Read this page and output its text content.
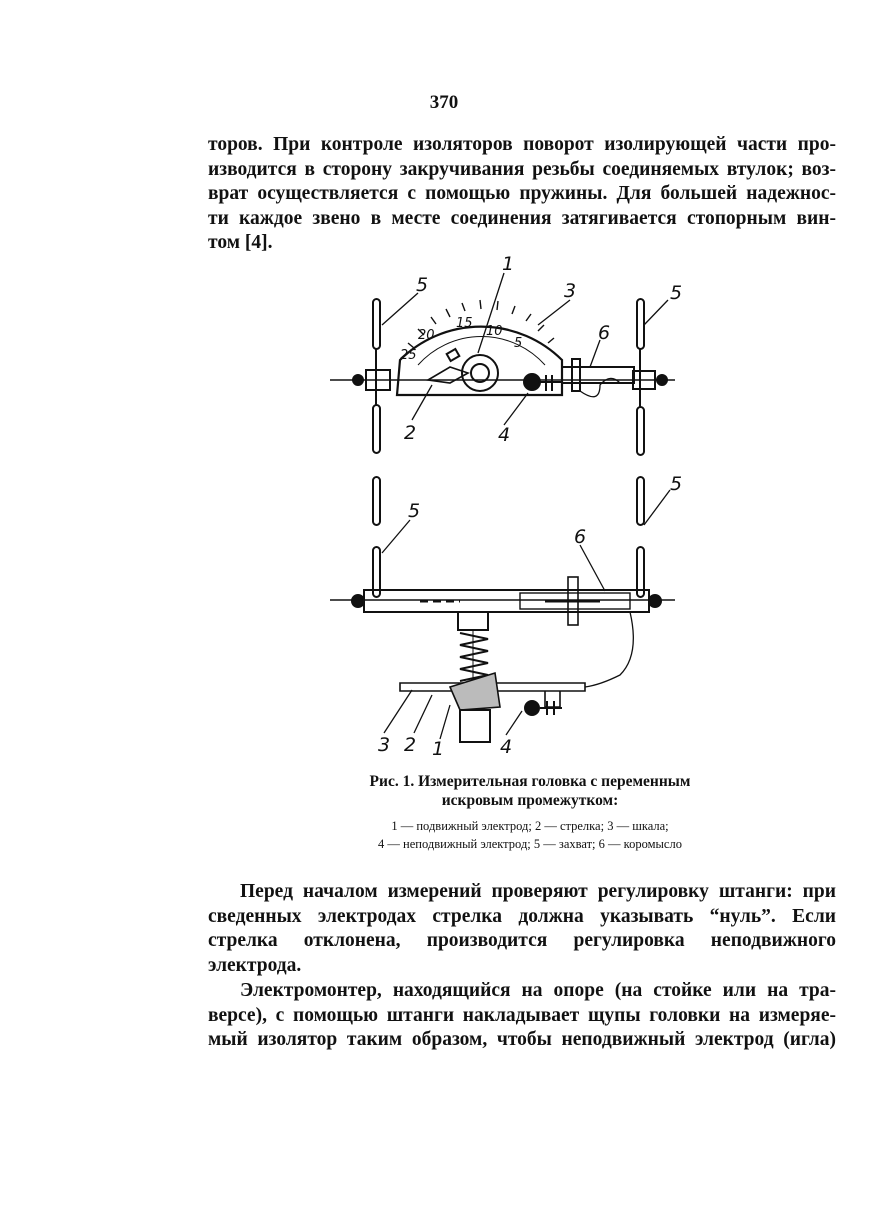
370

торов. При контроле изоляторов поворот изолирующей части про-
изводится в сторону закручивания резьбы соединяемых втулок; воз-
врат осуществляется с помощью пружины. Для большей надежнос-
ти каждое звено в месте соединения затягивается стопорным вин-
том [4].

25
20
15
10
5
1
5	3	5
6
2	4
5
5
6
3 2 1	4
Рис. 1. Измерительная головка с переменным
искровым промежутком:
1 — подвижный электрод; 2 — стрелка; 3 — шкала;
4 — неподвижный электрод; 5 — захват; 6 — коромысло

Перед началом измерений проверяют регулировку штанги: при
сведенных электродах стрелка должна указывать “нуль”. Если
стрелка отклонена, производится регулировка неподвижного
электрода.

Электромонтер, находящийся на опоре (на стойке или на тра-
версе), с помощью штанги накладывает щупы головки на измеряе-
мый изолятор таким образом, чтобы неподвижный электрод (игла)
